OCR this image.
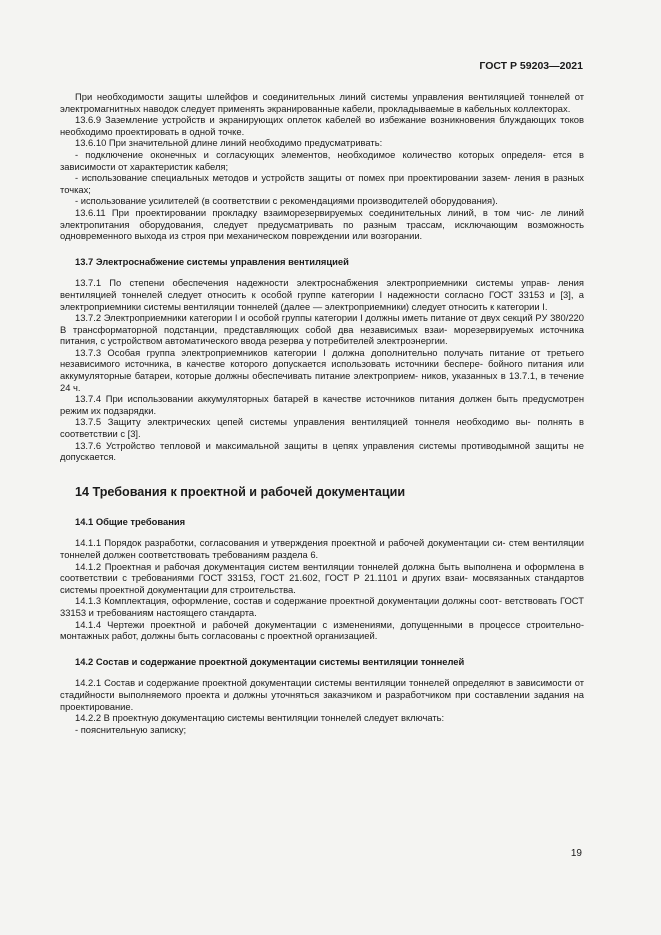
ГОСТ Р 59203—2021
При необходимости защиты шлейфов и соединительных линий системы управления вентиляцией тоннелей от электромагнитных наводок следует применять экранированные кабели, прокладываемые в кабельных коллекторах.
13.6.9 Заземление устройств и экранирующих оплеток кабелей во избежание возникновения блуждающих токов необходимо проектировать в одной точке.
13.6.10 При значительной длине линий необходимо предусматривать:
- подключение оконечных и согласующих элементов, необходимое количество которых определя- ется в зависимости от характеристик кабеля;
- использование специальных методов и устройств защиты от помех при проектировании зазем- ления в разных точках;
- использование усилителей (в соответствии с рекомендациями производителей оборудования).
13.6.11 При проектировании прокладку взаиморезервируемых соединительных линий, в том чис- ле линий электропитания оборудования, следует предусматривать по разным трассам, исключающим возможность одновременного выхода из строя при механическом повреждении или возгорании.
13.7 Электроснабжение системы управления вентиляцией
13.7.1 По степени обеспечения надежности электроснабжения электроприемники системы управ- ления вентиляцией тоннелей следует относить к особой группе категории I надежности согласно ГОСТ 33153 и [3], а электроприемники системы вентиляции тоннелей (далее — электроприемники) следует относить к категории I.
13.7.2 Электроприемники категории I и особой группы категории I должны иметь питание от двух секций РУ 380/220 В трансформаторной подстанции, представляющих собой два независимых взаи- морезервируемых источника питания, с устройством автоматического ввода резерва у потребителей электроэнергии.
13.7.3 Особая группа электроприемников категории I должна дополнительно получать питание от третьего независимого источника, в качестве которого допускается использовать источники беспере- бойного питания или аккумуляторные батареи, которые должны обеспечивать питание электроприем- ников, указанных в 13.7.1, в течение 24 ч.
13.7.4 При использовании аккумуляторных батарей в качестве источников питания должен быть предусмотрен режим их подзарядки.
13.7.5 Защиту электрических цепей системы управления вентиляцией тоннеля необходимо вы- полнять в соответствии с [3].
13.7.6 Устройство тепловой и максимальной защиты в цепях управления системы противодымной защиты не допускается.
14 Требования к проектной и рабочей документации
14.1 Общие требования
14.1.1 Порядок разработки, согласования и утверждения проектной и рабочей документации си- стем вентиляции тоннелей должен соответствовать требованиям раздела 6.
14.1.2 Проектная и рабочая документация систем вентиляции тоннелей должна быть выполнена и оформлена в соответствии с требованиями ГОСТ 33153, ГОСТ 21.602, ГОСТ Р 21.1101 и других взаи- мосвязанных стандартов системы проектной документации для строительства.
14.1.3 Комплектация, оформление, состав и содержание проектной документации должны соот- ветствовать ГОСТ 33153 и требованиям настоящего стандарта.
14.1.4 Чертежи проектной и рабочей документации с изменениями, допущенными в процессе строительно-монтажных работ, должны быть согласованы с проектной организацией.
14.2 Состав и содержание проектной документации системы вентиляции тоннелей
14.2.1 Состав и содержание проектной документации системы вентиляции тоннелей определяют в зависимости от стадийности выполняемого проекта и должны уточняться заказчиком и разработчиком при составлении задания на проектирование.
14.2.2 В проектную документацию системы вентиляции тоннелей следует включать:
- пояснительную записку;
19
